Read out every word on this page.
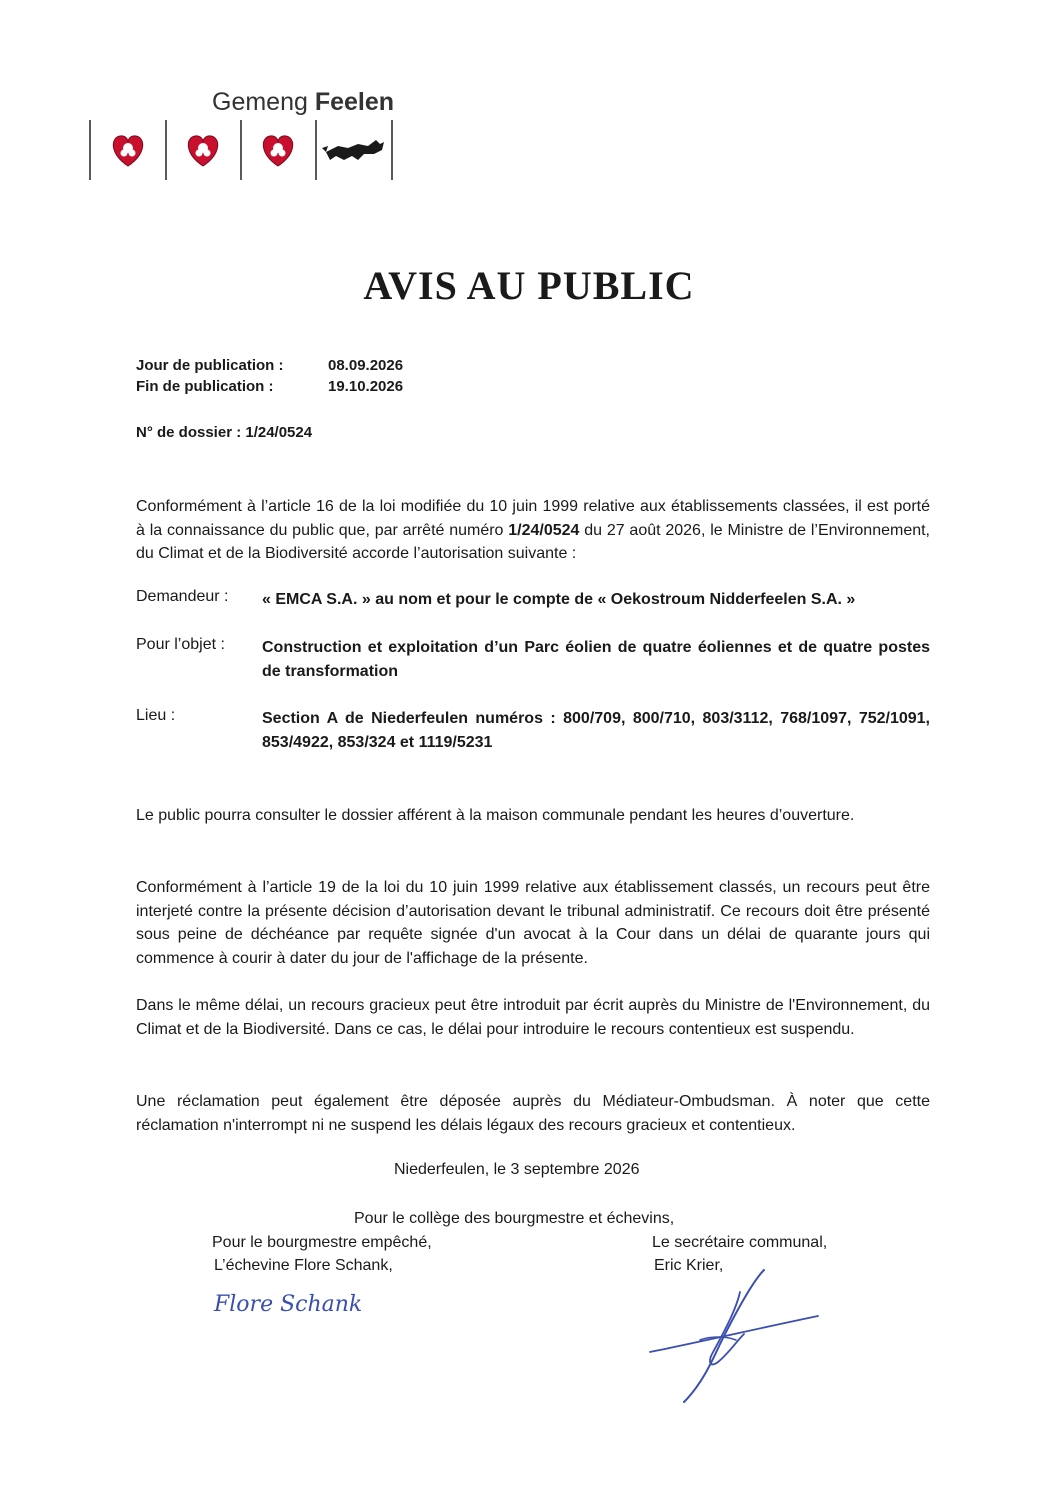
Gemeng Feelen
AVIS AU PUBLIC
Jour de publication :	08.09.2026
Fin de publication :	19.10.2026
N° de dossier : 1/24/0524
Conformément à l’article 16 de la loi modifiée du 10 juin 1999 relative aux établissements classées, il est porté à la connaissance du public que, par arrêté numéro 1/24/0524 du 27 août 2026, le Ministre de l’Environnement, du Climat et de la Biodiversité accorde l’autorisation suivante :
Demandeur : « EMCA S.A. » au nom et pour le compte de « Oekostroum Nidderfeelen S.A. »
Pour l’objet : Construction et exploitation d’un Parc éolien de quatre éoliennes et de quatre postes de transformation
Lieu :	Section A de Niederfeulen numéros : 800/709, 800/710, 803/3112, 768/1097, 752/1091, 853/4922, 853/324 et 1119/5231
Le public pourra consulter le dossier afférent à la maison communale pendant les heures d’ouverture.
Conformément à l’article 19 de la loi du 10 juin 1999 relative aux établissement classés, un recours peut être interjeté contre la présente décision d’autorisation devant le tribunal administratif. Ce recours doit être présenté sous peine de déchéance par requête signée d'un avocat à la Cour dans un délai de quarante jours qui commence à courir à dater du jour de l'affichage de la présente.
Dans le même délai, un recours gracieux peut être introduit par écrit auprès du Ministre de l'Environnement, du Climat et de la Biodiversité. Dans ce cas, le délai pour introduire le recours contentieux est suspendu.
Une réclamation peut également être déposée auprès du Médiateur-Ombudsman. À noter que cette réclamation n'interrompt ni ne suspend les délais légaux des recours gracieux et contentieux.
Niederfeulen, le 3 septembre 2026
Pour le collège des bourgmestre et échevins,
Pour le bourgmestre empêché,
L’échevine Flore Schank,
Le secrétaire communal,
Eric Krier,
Flore Schank
